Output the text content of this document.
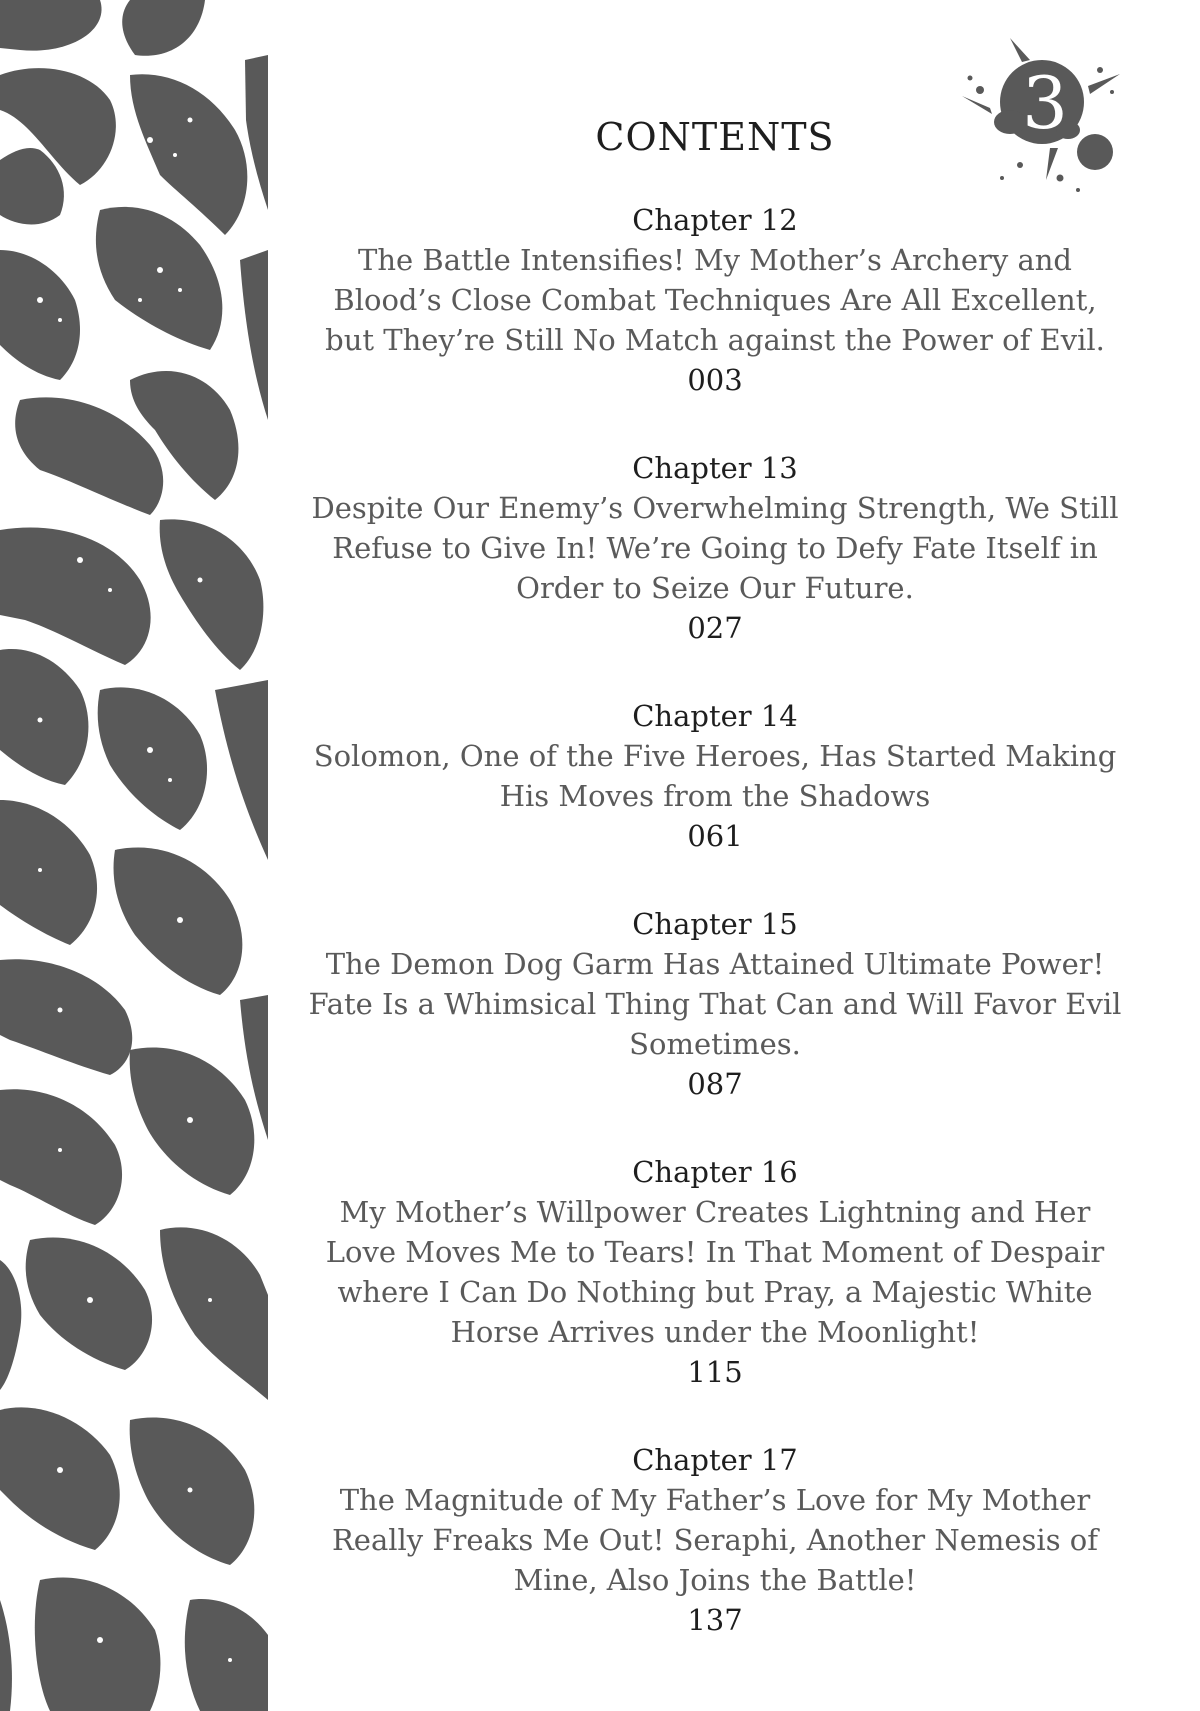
3
CONTENTS
Chapter 12
The Battle Intensifies! My Mother’s Archery and Blood’s Close Combat Techniques Are All Excellent, but They’re Still No Match against the Power of Evil.
003
Chapter 13
Despite Our Enemy’s Overwhelming Strength, We Still Refuse to Give In! We’re Going to Defy Fate Itself in Order to Seize Our Future.
027
Chapter 14
Solomon, One of the Five Heroes, Has Started Making His Moves from the Shadows
061
Chapter 15
The Demon Dog Garm Has Attained Ultimate Power! Fate Is a Whimsical Thing That Can and Will Favor Evil Sometimes.
087
Chapter 16
My Mother’s Willpower Creates Lightning and Her Love Moves Me to Tears! In That Moment of Despair where I Can Do Nothing but Pray, a Majestic White Horse Arrives under the Moonlight!
115
Chapter 17
The Magnitude of My Father’s Love for My Mother Really Freaks Me Out! Seraphi, Another Nemesis of Mine, Also Joins the Battle!
137
